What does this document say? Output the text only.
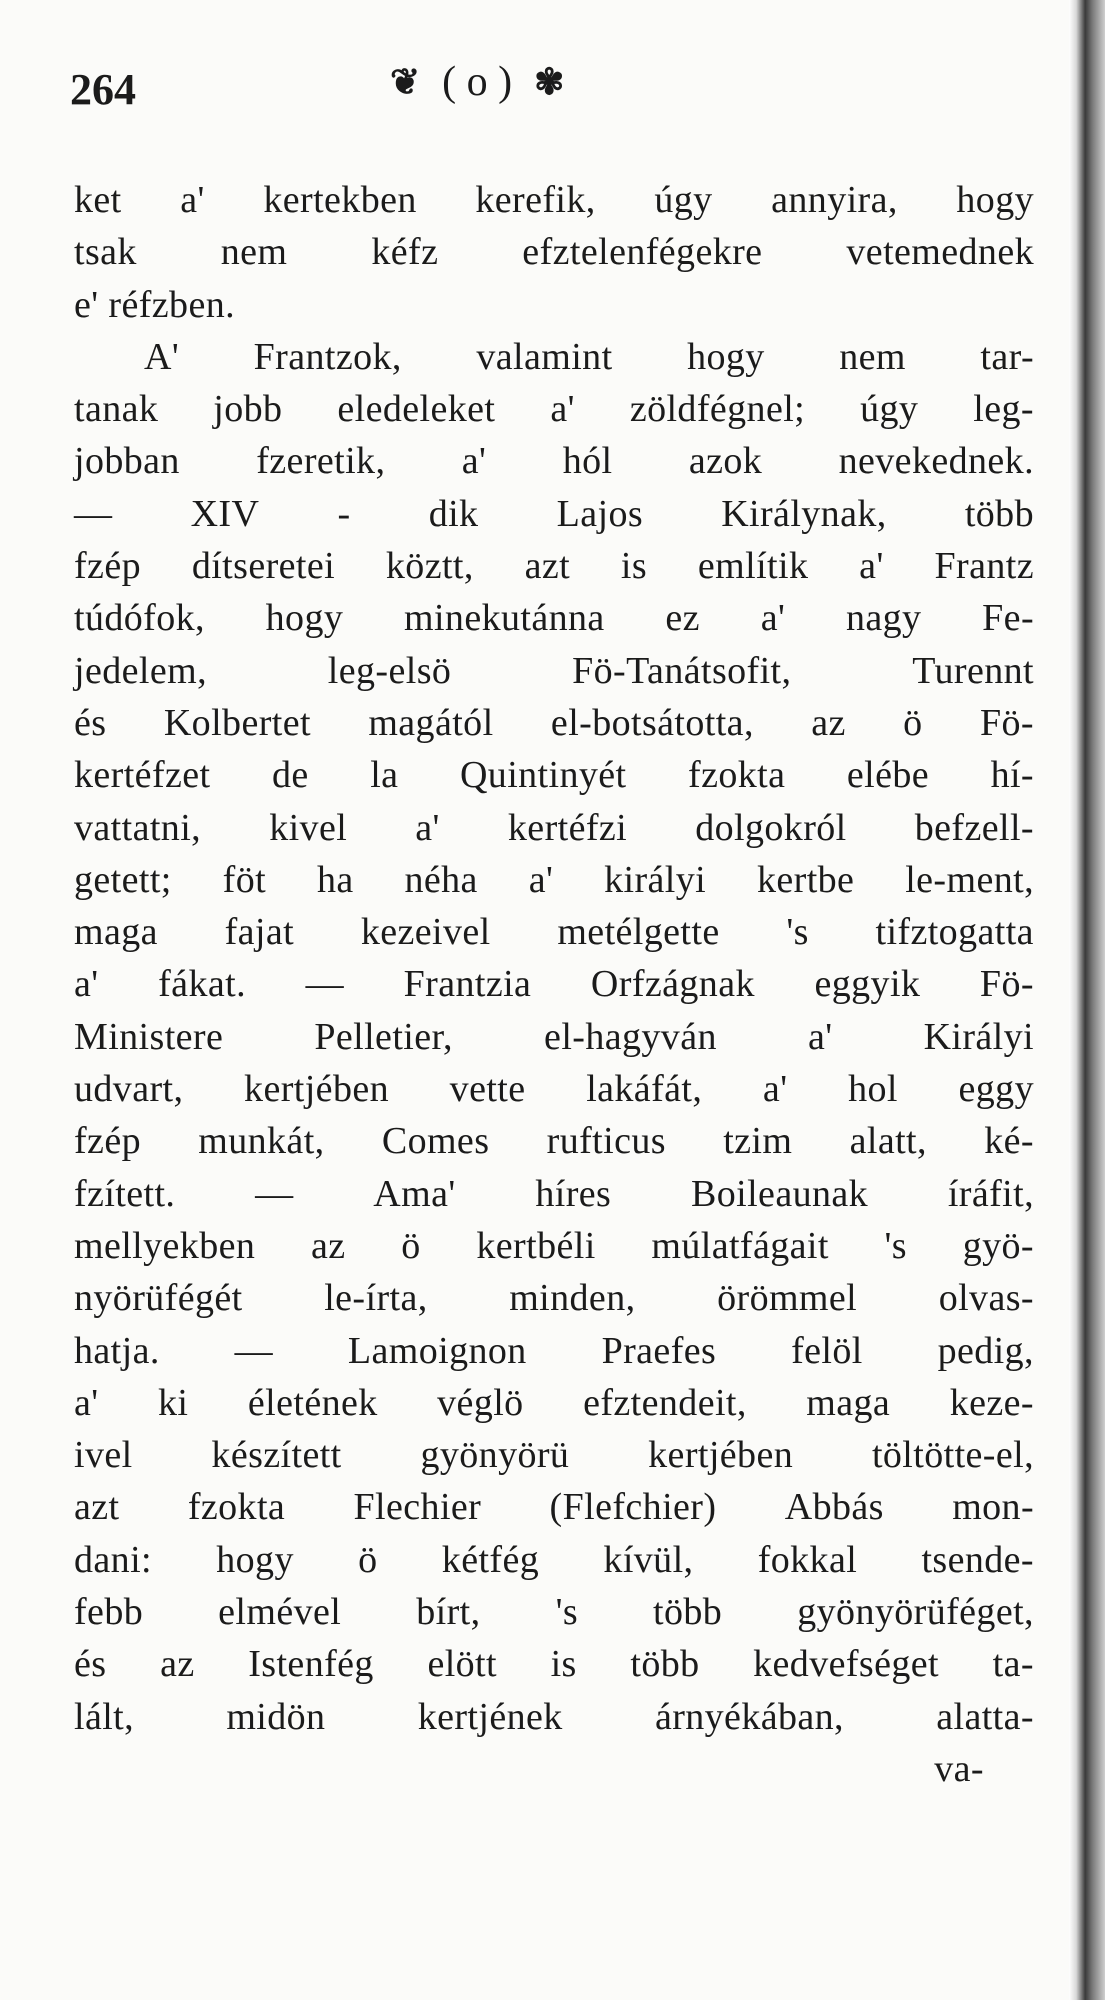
264	❦ ( o ) ✾
ket a' kertekben kerefik, úgy annyira, hogy
tsak nem kéfz efztelenfégekre vetemednek
e' réfzben.
A' Frantzok, valamint hogy nem tar-
tanak jobb eledeleket a' zöldfégnel; úgy leg-
jobban fzeretik, a' hól azok nevekednek.
— XIV - dik Lajos Királynak, több
fzép dítseretei köztt, azt is említik a' Frantz
túdófok, hogy minekutánna ez a' nagy Fe-
jedelem,	leg-elsö	Fö-Tanátsofit,	Turennt
és Kolbertet magától el-botsátotta, az ö Fö-
kertéfzet de la Quintinyét fzokta elébe hí-
vattatni, kivel a' kertéfzi dolgokról befzell-
getett; föt ha néha a' királyi kertbe le-ment,
maga fajat kezeivel metélgette 's tifztogatta
a' fákat. — Frantzia Orfzágnak eggyik Fö-
Ministere Pelletier, el-hagyván a' Királyi
udvart, kertjében vette lakáfát, a' hol eggy
fzép munkát, Comes rufticus tzim alatt, ké-
fzített. — Ama' híres Boileaunak íráfit,
mellyekben az ö kertbéli múlatfágait 's gyö-
nyörüfégét le-írta, minden, örömmel olvas-
hatja. — Lamoignon Praefes felöl pedig,
a' ki életének véglö efztendeit, maga keze-
ivel készített gyönyörü kertjében töltötte-el,
azt fzokta Flechier (Flefchier) Abbás mon-
dani: hogy ö kétfég kívül, fokkal tsende-
febb elmével bírt, 's több gyönyörüféget,
és az Istenfég elött is több kedvefséget ta-
lált, midön kertjének árnyékában, alatta-
va-
